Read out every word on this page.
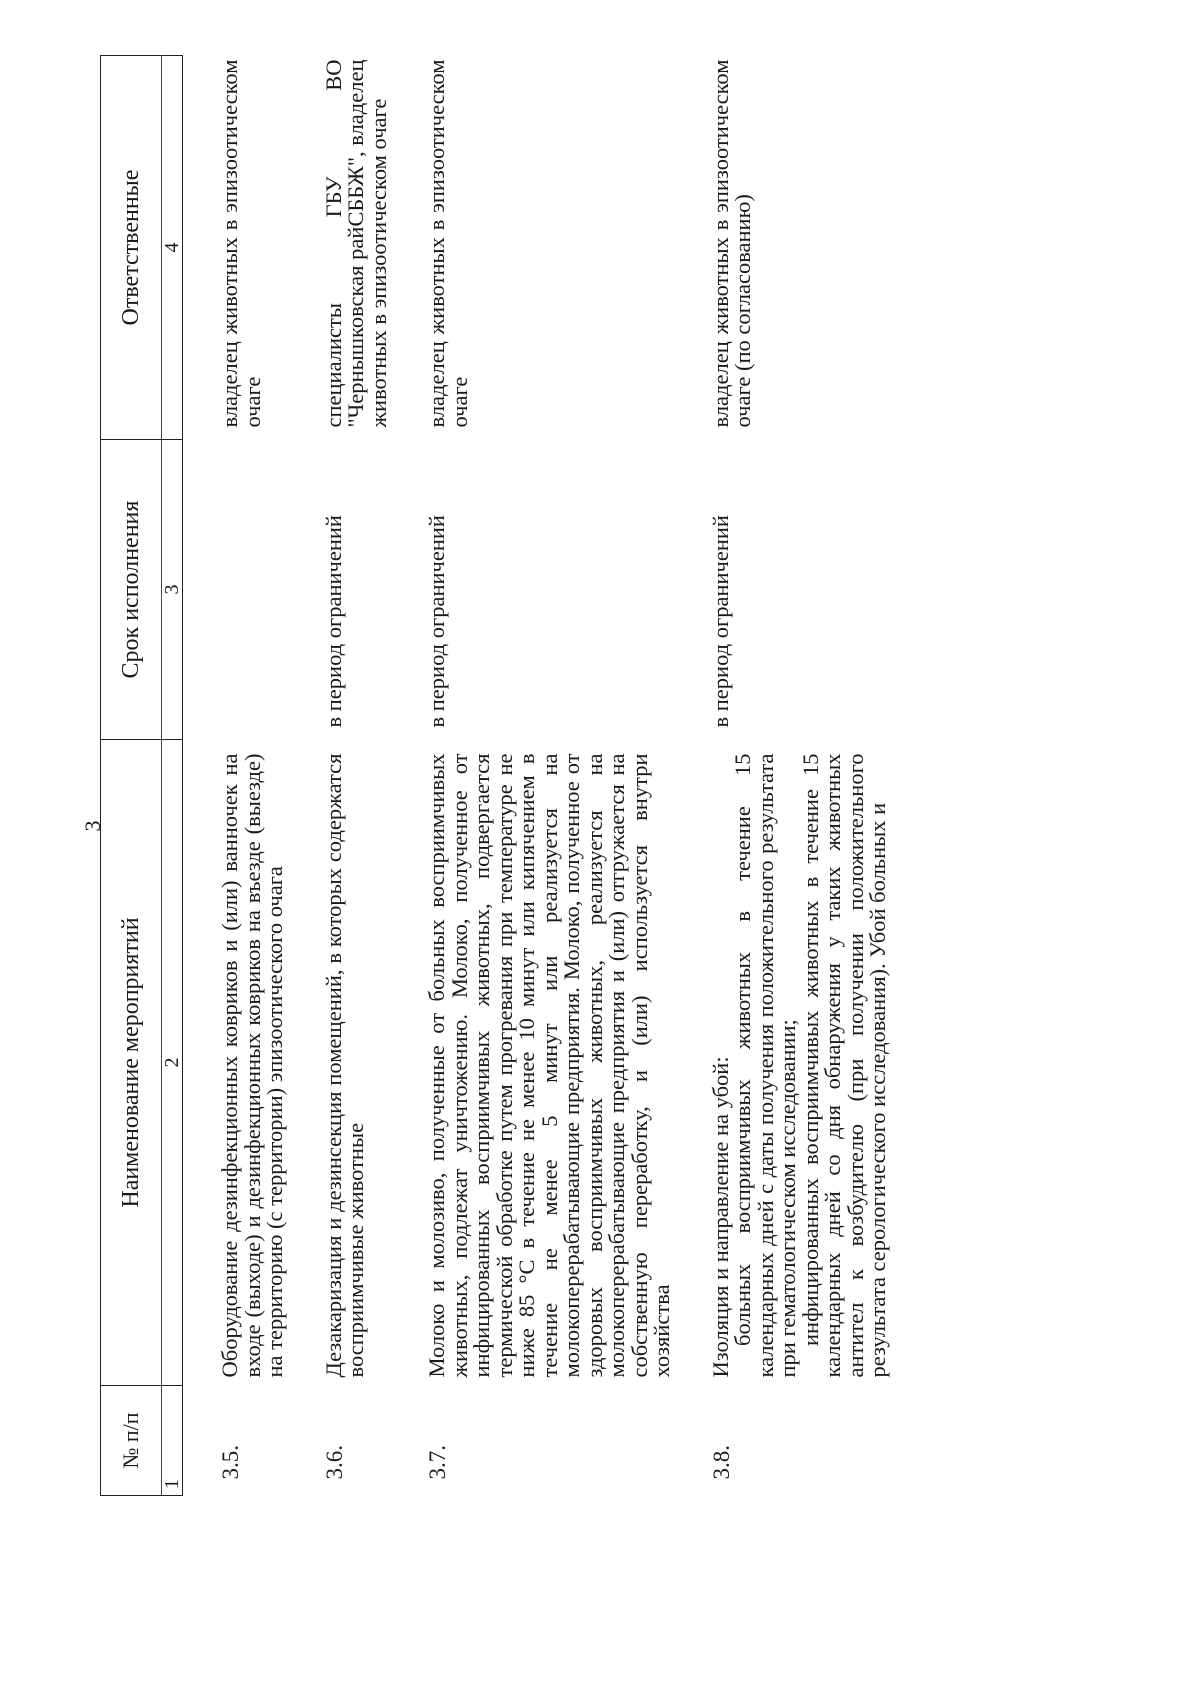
3
№ п/п	Наименование мероприятий	Срок исполнения	Ответственные
1	2	3	4

3.5.	Оборудование дезинфекционных ковриков и (или) ванночек на входе (выходе) и дезинфекционных ковриков на въезде (выезде) на территорию (с территории) эпизоотического очага		владелец животных в эпизоотическом очаге

3.6.	Дезакаризация и дезинсекция помещений, в которых содержатся восприимчивые животные	в период ограничений	специалисты ГБУ ВО "Чернышковская райСББЖ", владелец животных в эпизоотическом очаге

3.7.	Молоко и молозиво, полученные от больных восприимчивых животных, подлежат уничтожению. Молоко, полученное от инфицированных восприимчивых животных, подвергается термической обработке путем прогревания при температуре не ниже 85 °С в течение не менее 10 минут или кипячением в течение не менее 5 минут или реализуется на молокоперерабатывающие предприятия. Молоко, полученное от здоровых восприимчивых животных, реализуется на молокоперерабатывающие предприятия и (или) отгружается на собственную переработку, и (или) используется внутри хозяйства	в период ограничений	владелец животных в эпизоотическом очаге

3.8.	Изоляция и направление на убой:
больных восприимчивых животных в течение 15 календарных дней с даты получения положительного результата при гематологическом исследовании;
инфицированных восприимчивых животных в течение 15 календарных дней со дня обнаружения у таких животных антител к возбудителю (при получении положительного результата серологического исследования). Убой больных и	в период ограничений	владелец животных в эпизоотическом очаге (по согласованию)
